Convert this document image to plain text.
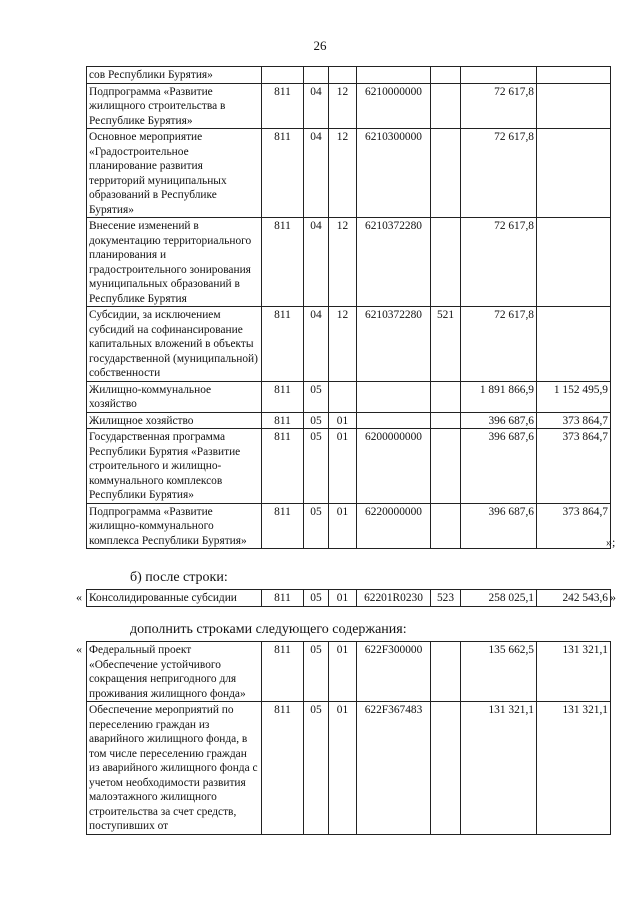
26
сов Республики Бурятия»							
Подпрограмма «Развитие жилищного строительства в Республике Бурятия»	811	04	12	6210000000		72 617,8	
Основное мероприятие «Градостроительное планирование развития территорий муниципальных образований в Республике Бурятия»	811	04	12	6210300000		72 617,8	
Внесение изменений в документацию территориального планирования и градостроительного зонирования муниципальных образований в Республике Бурятия	811	04	12	6210372280		72 617,8	
Субсидии, за исключением субсидий на софинансирование капитальных вложений в объекты государственной (муниципальной) собственности	811	04	12	6210372280	521	72 617,8	
Жилищно-коммунальное хозяйство	811	05				1 891 866,9	1 152 495,9
Жилищное хозяйство	811	05	01			396 687,6	373 864,7
Государственная программа Республики Бурятия «Развитие строительного и жилищно-коммунального комплексов Республики Бурятия»	811	05	01	6200000000		396 687,6	373 864,7
Подпрограмма «Развитие жилищно-коммунального комплекса Республики Бурятия»	811	05	01	6220000000		396 687,6	373 864,7
»;
б) после строки:
« Консолидированные субсидии	811	05	01	62201R0230	523	258 025,1	242 543,6 »
дополнить строками следующего содержания:
« Федеральный проект «Обеспечение устойчивого сокращения непригодного для проживания жилищного фонда»	811	05	01	622F300000		135 662,5	131 321,1
Обеспечение мероприятий по переселению граждан из аварийного жилищного фонда, в том числе переселению граждан из аварийного жилищного фонда с учетом необходимости развития малоэтажного жилищного строительства за счет средств, поступивших от	811	05	01	622F367483		131 321,1	131 321,1
